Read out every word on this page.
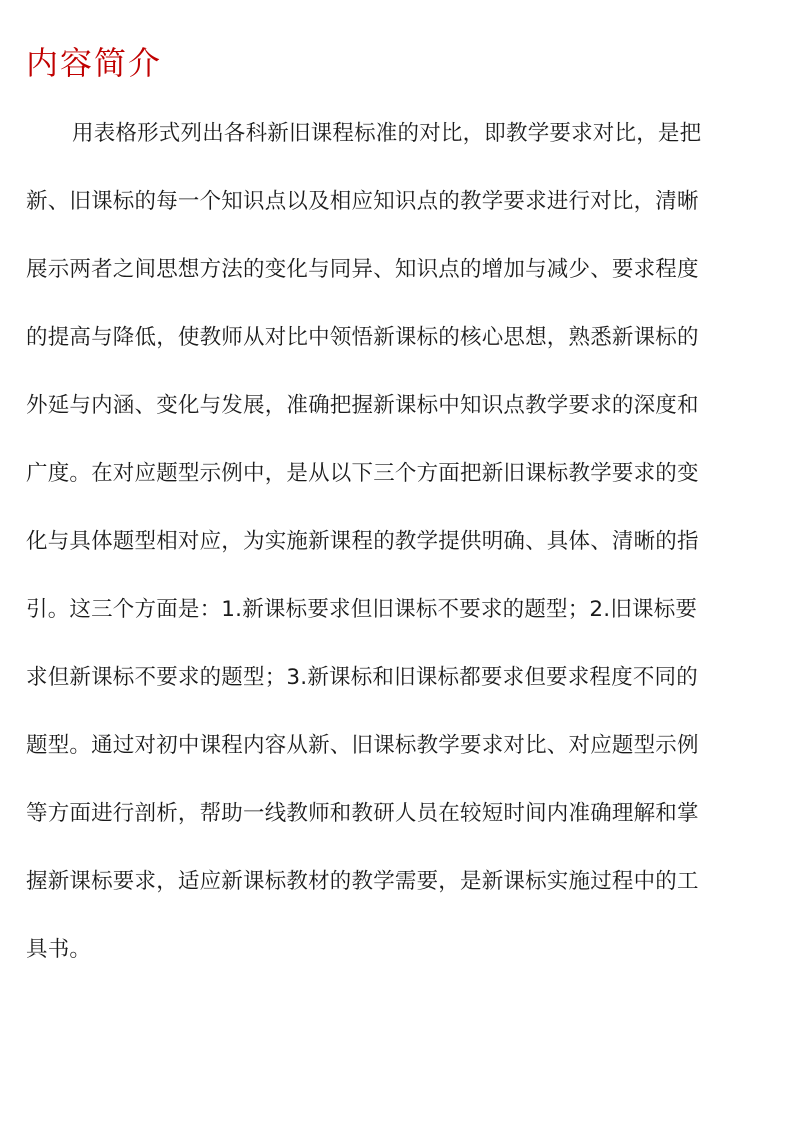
内容简介
用表格形式列出各科新旧课程标准的对比，即教学要求对比，是把
新、旧课标的每一个知识点以及相应知识点的教学要求进行对比，清晰
展示两者之间思想方法的变化与同异、知识点的增加与减少、要求程度
的提高与降低，使教师从对比中领悟新课标的核心思想，熟悉新课标的
外延与内涵、变化与发展，准确把握新课标中知识点教学要求的深度和
广度。在对应题型示例中，是从以下三个方面把新旧课标教学要求的变
化与具体题型相对应，为实施新课程的教学提供明确、具体、清晰的指
引。这三个方面是：1.新课标要求但旧课标不要求的题型；2.旧课标要
求但新课标不要求的题型；3.新课标和旧课标都要求但要求程度不同的
题型。通过对初中课程内容从新、旧课标教学要求对比、对应题型示例
等方面进行剖析，帮助一线教师和教研人员在较短时间内准确理解和掌
握新课标要求，适应新课标教材的教学需要，是新课标实施过程中的工
具书。
